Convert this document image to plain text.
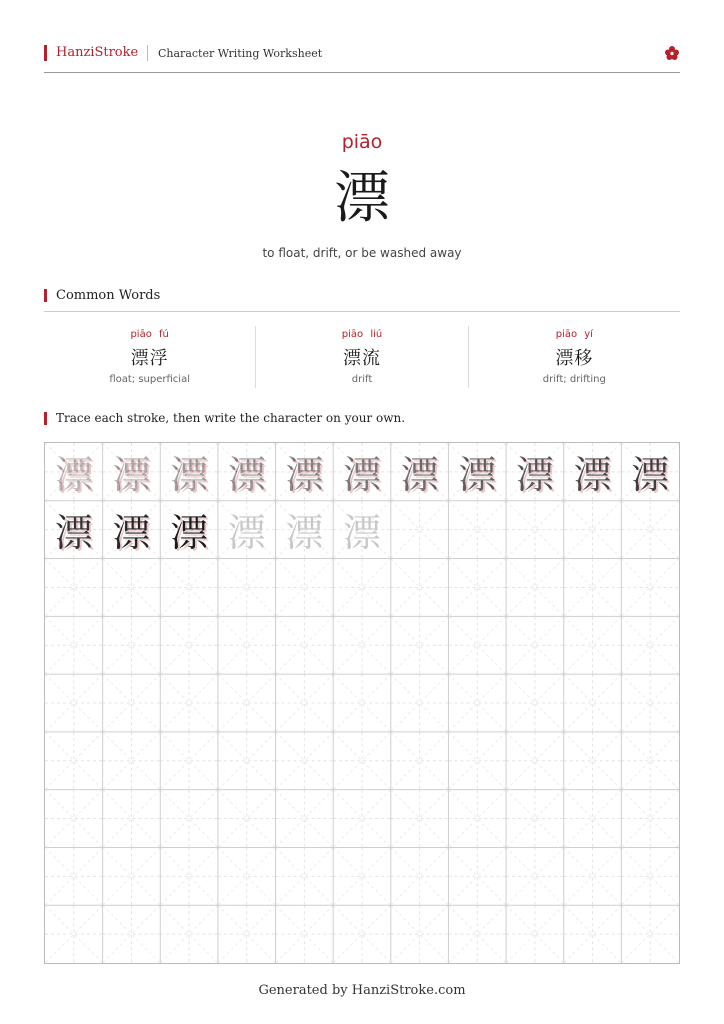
HanziStroke Character Writing Worksheet
piāo
漂
to float, drift, or be washed away
Common Words
piāo fú
漂浮
float; superficial
piāo liú
漂流
drift
piāo yí
漂移
drift; drifting
Trace each stroke, then write the character on your own.
漂 漂 漂 漂 漂 漂 漂 漂 漂 漂 漂
漂 漂 漂 漂 漂 漂
Generated by HanziStroke.com
